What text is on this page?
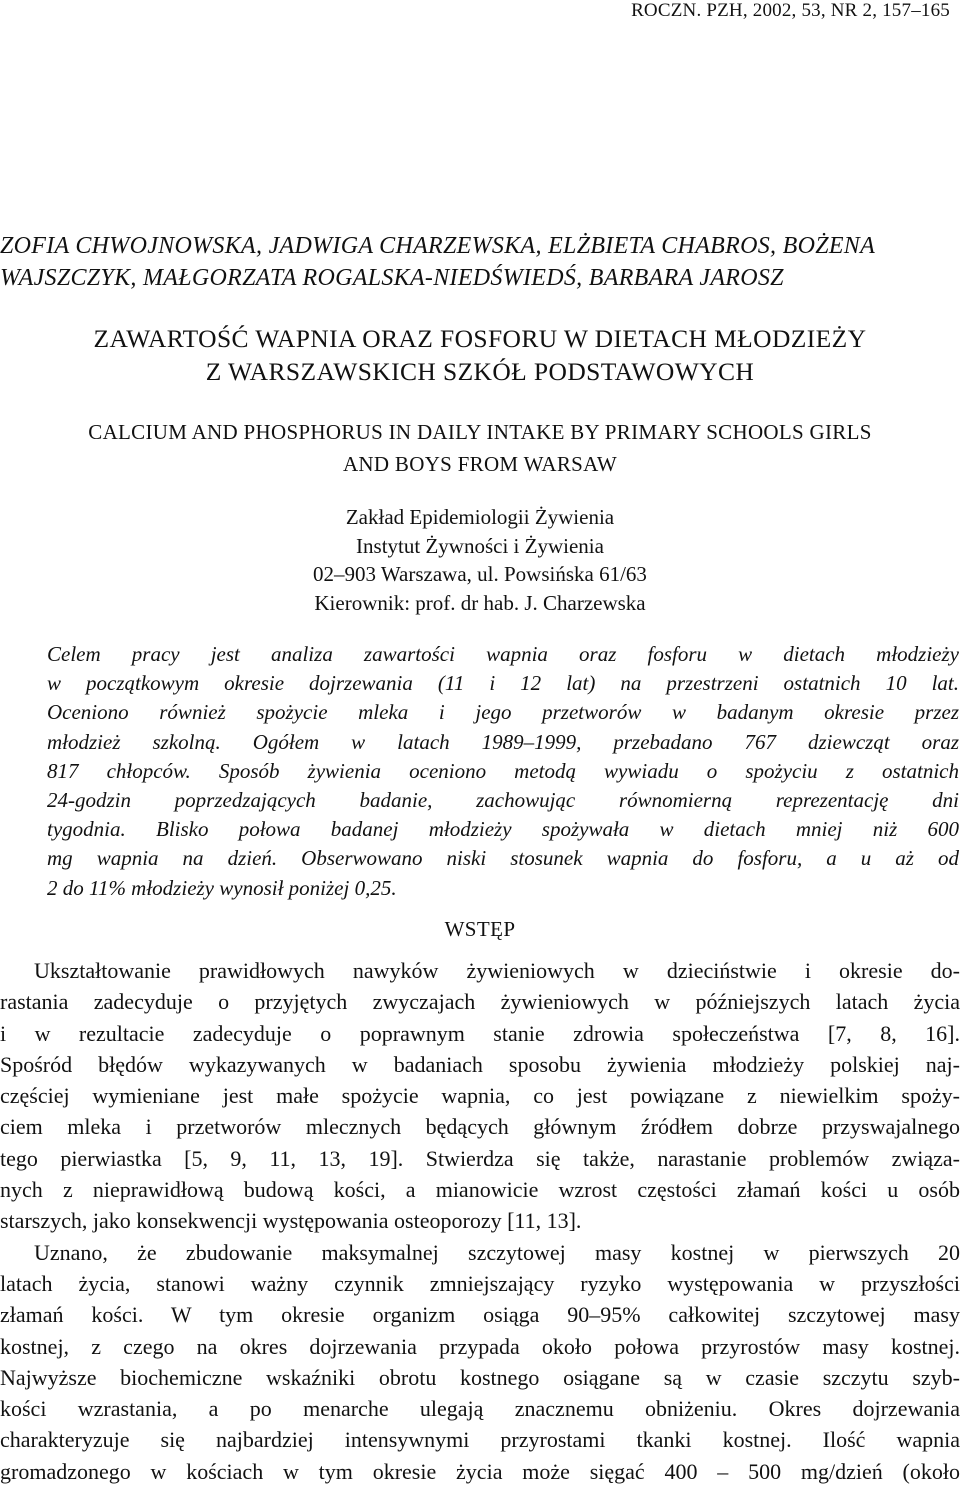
ROCZN. PZH, 2002, 53, NR 2, 157–165
ZOFIA CHWOJNOWSKA, JADWIGA CHARZEWSKA, ELŻBIETA CHABROS, BOŻENA
WAJSZCZYK, MAŁGORZATA ROGALSKA-NIEDŚWIEDŚ, BARBARA JAROSZ
ZAWARTOŚĆ WAPNIA ORAZ FOSFORU W DIETACH MŁODZIEŻY
Z WARSZAWSKICH SZKÓŁ PODSTAWOWYCH
CALCIUM AND PHOSPHORUS IN DAILY INTAKE BY PRIMARY SCHOOLS GIRLS
AND BOYS FROM WARSAW
Zakład Epidemiologii Żywienia
Instytut Żywności i Żywienia
02–903 Warszawa, ul. Powsińska 61/63
Kierownik: prof. dr hab. J. Charzewska
Celem pracy jest analiza zawartości wapnia oraz fosforu w dietach młodzieży
w początkowym okresie dojrzewania (11 i 12 lat) na przestrzeni ostatnich 10 lat.
Oceniono również spożycie mleka i jego przetworów w badanym okresie przez
młodzież szkolną. Ogółem w latach 1989–1999, przebadano 767 dziewcząt oraz
817 chłopców. Sposób żywienia oceniono metodą wywiadu o spożyciu z ostatnich
24-godzin poprzedzających badanie, zachowując równomierną reprezentację dni
tygodnia. Blisko połowa badanej młodzieży spożywała w dietach mniej niż 600
mg wapnia na dzień. Obserwowano niski stosunek wapnia do fosforu, a u aż od
2 do 11% młodzieży wynosił poniżej 0,25.
WSTĘP
Ukształtowanie prawidłowych nawyków żywieniowych w dzieciństwie i okresie do-
rastania zadecyduje o przyjętych zwyczajach żywieniowych w późniejszych latach życia
i w rezultacie zadecyduje o poprawnym stanie zdrowia społeczeństwa [7, 8, 16].
Spośród błędów wykazywanych w badaniach sposobu żywienia młodzieży polskiej naj-
częściej wymieniane jest małe spożycie wapnia, co jest powiązane z niewielkim spoży-
ciem mleka i przetworów mlecznych będących głównym źródłem dobrze przyswajalnego
tego pierwiastka [5, 9, 11, 13, 19]. Stwierdza się także, narastanie problemów związa-
nych z nieprawidłową budową kości, a mianowicie wzrost częstości złamań kości u osób
starszych, jako konsekwencji występowania osteoporozy [11, 13].
Uznano, że zbudowanie maksymalnej szczytowej masy kostnej w pierwszych 20
latach życia, stanowi ważny czynnik zmniejszający ryzyko występowania w przyszłości
złamań kości. W tym okresie organizm osiąga 90–95% całkowitej szczytowej masy
kostnej, z czego na okres dojrzewania przypada około połowa przyrostów masy kostnej.
Najwyższe biochemiczne wskaźniki obrotu kostnego osiągane są w czasie szczytu szyb-
kości wzrastania, a po menarche ulegają znacznemu obniżeniu. Okres dojrzewania
charakteryzuje się najbardziej intensywnymi przyrostami tkanki kostnej. Ilość wapnia
gromadzonego w kościach w tym okresie życia może sięgać 400 – 500 mg/dzień (około
